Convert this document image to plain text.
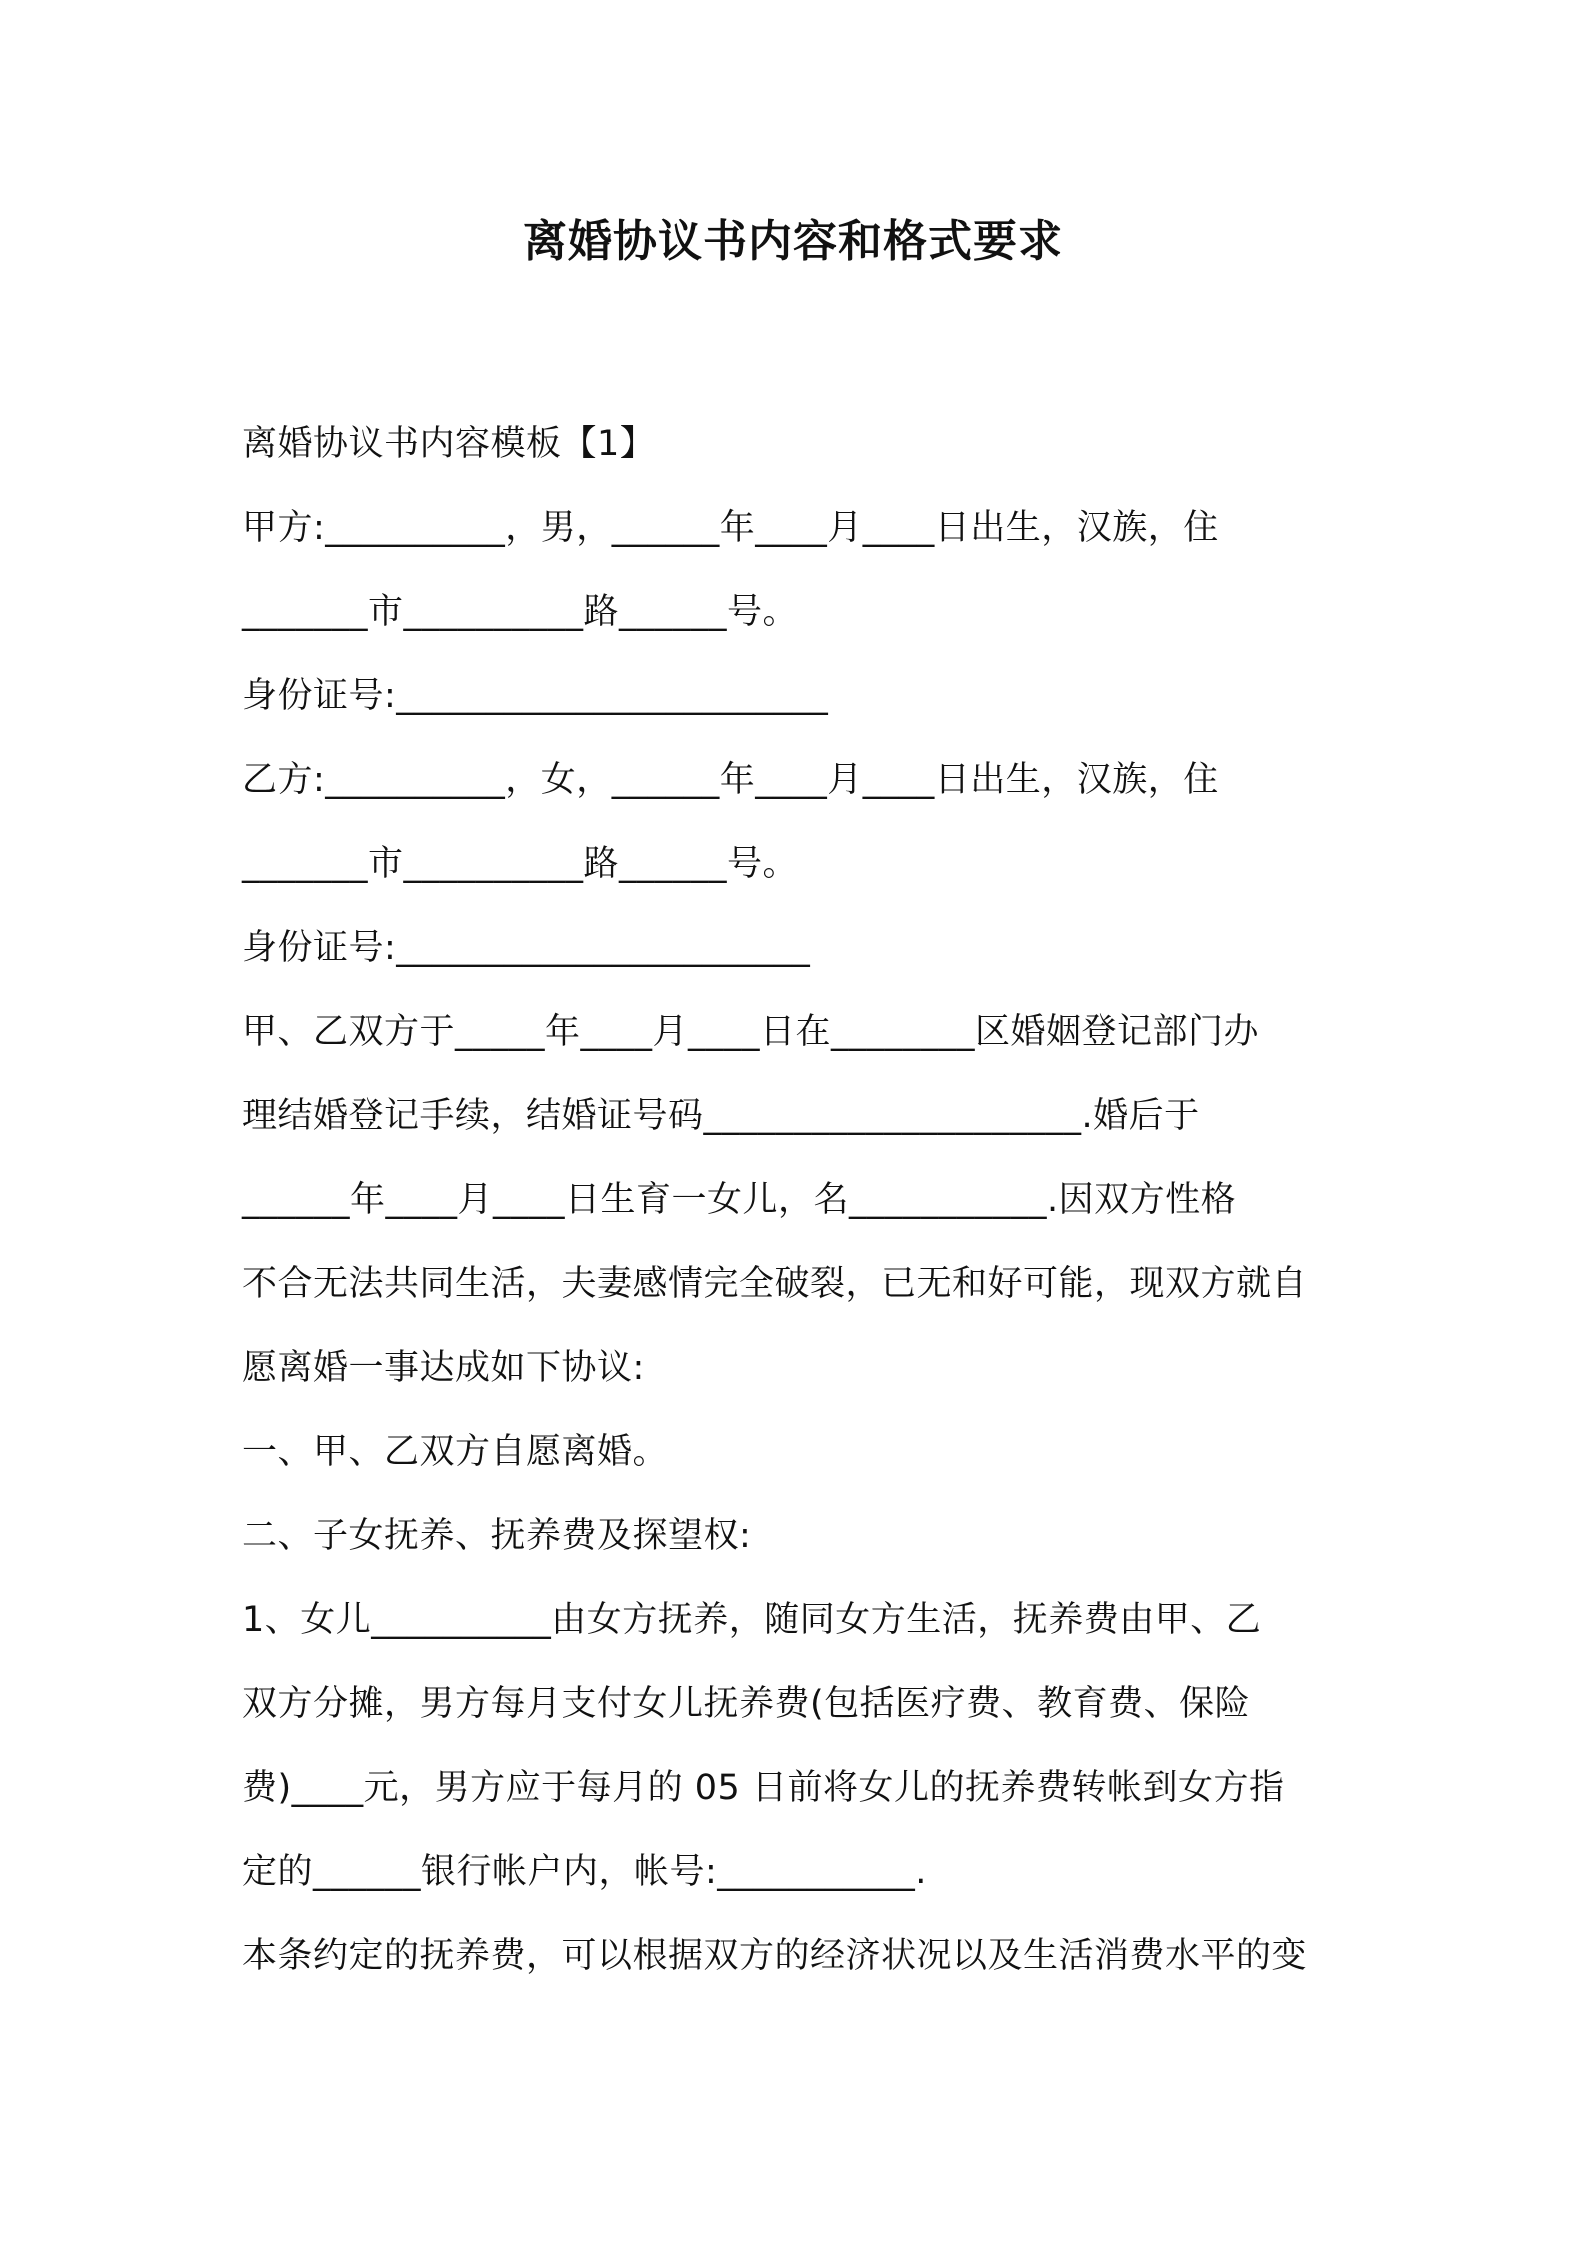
离婚协议书内容和格式要求

离婚协议书内容模板【1】

甲方:__________，男，______年____月____日出生，汉族，住

_______市__________路______号。

身份证号:________________________

乙方:__________，女，______年____月____日出生，汉族，住

_______市__________路______号。

身份证号:_______________________

甲、乙双方于_____年____月____日在________区婚姻登记部门办

理结婚登记手续，结婚证号码_____________________.婚后于

______年____月____日生育一女儿，名___________.因双方性格

不合无法共同生活，夫妻感情完全破裂，已无和好可能，现双方就自

愿离婚一事达成如下协议:

一、甲、乙双方自愿离婚。

二、子女抚养、抚养费及探望权:

1、女儿__________由女方抚养，随同女方生活，抚养费由甲、乙

双方分摊，男方每月支付女儿抚养费(包括医疗费、教育费、保险

费)____元，男方应于每月的 05 日前将女儿的抚养费转帐到女方指

定的______银行帐户内，帐号:___________.

本条约定的抚养费，可以根据双方的经济状况以及生活消费水平的变
